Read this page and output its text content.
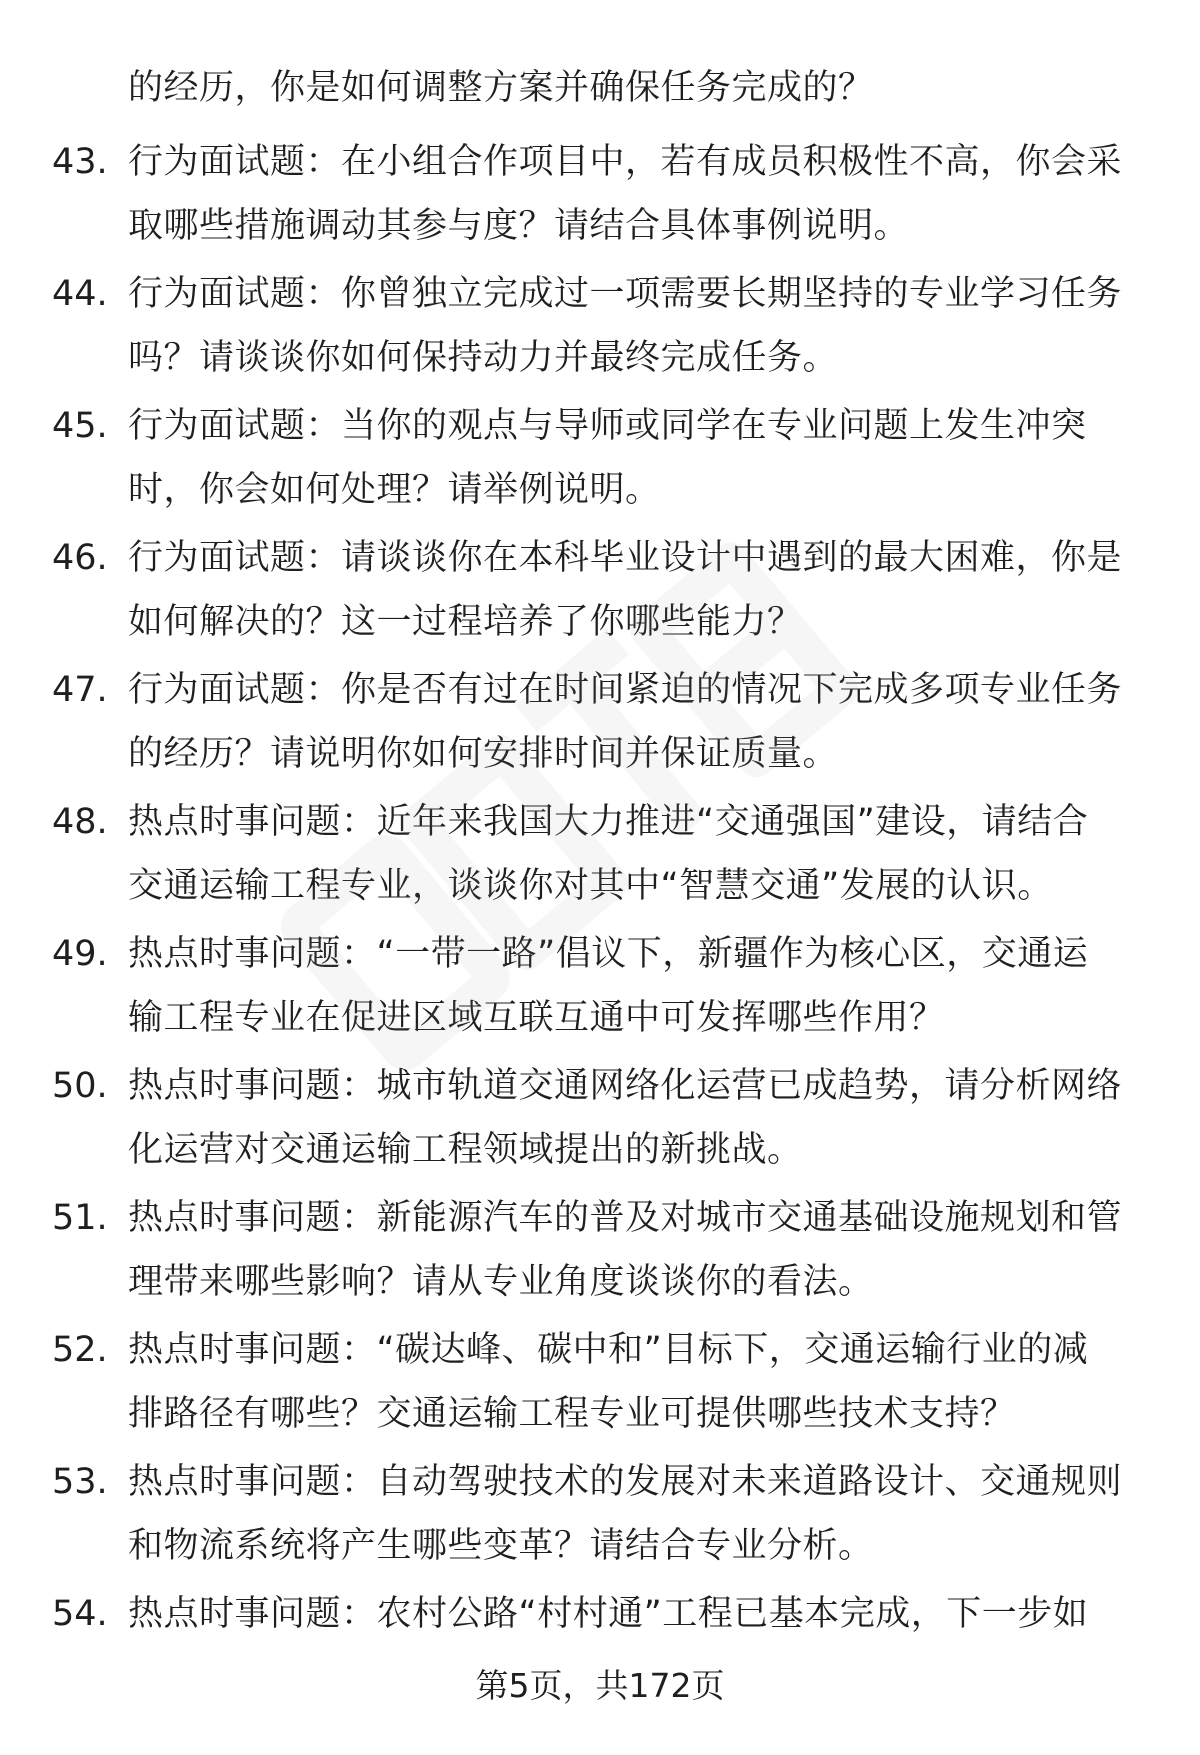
的经历，你是如何调整方案并确保任务完成的？
43. 行为面试题：在小组合作项目中，若有成员积极性不高，你会采
取哪些措施调动其参与度？请结合具体事例说明。
44. 行为面试题：你曾独立完成过一项需要长期坚持的专业学习任务
吗？请谈谈你如何保持动力并最终完成任务。
45. 行为面试题：当你的观点与导师或同学在专业问题上发生冲突
时，你会如何处理？请举例说明。
46. 行为面试题：请谈谈你在本科毕业设计中遇到的最大困难，你是
如何解决的？这一过程培养了你哪些能力？
47. 行为面试题：你是否有过在时间紧迫的情况下完成多项专业任务
的经历？请说明你如何安排时间并保证质量。
48. 热点时事问题：近年来我国大力推进“交通强国”建设，请结合
交通运输工程专业，谈谈你对其中“智慧交通”发展的认识。
49. 热点时事问题：“一带一路”倡议下，新疆作为核心区，交通运
输工程专业在促进区域互联互通中可发挥哪些作用？
50. 热点时事问题：城市轨道交通网络化运营已成趋势，请分析网络
化运营对交通运输工程领域提出的新挑战。
51. 热点时事问题：新能源汽车的普及对城市交通基础设施规划和管
理带来哪些影响？请从专业角度谈谈你的看法。
52. 热点时事问题：“碳达峰、碳中和”目标下，交通运输行业的减
排路径有哪些？交通运输工程专业可提供哪些技术支持？
53. 热点时事问题：自动驾驶技术的发展对未来道路设计、交通规则
和物流系统将产生哪些变革？请结合专业分析。
54. 热点时事问题：农村公路“村村通”工程已基本完成，下一步如
第5页，共172页
